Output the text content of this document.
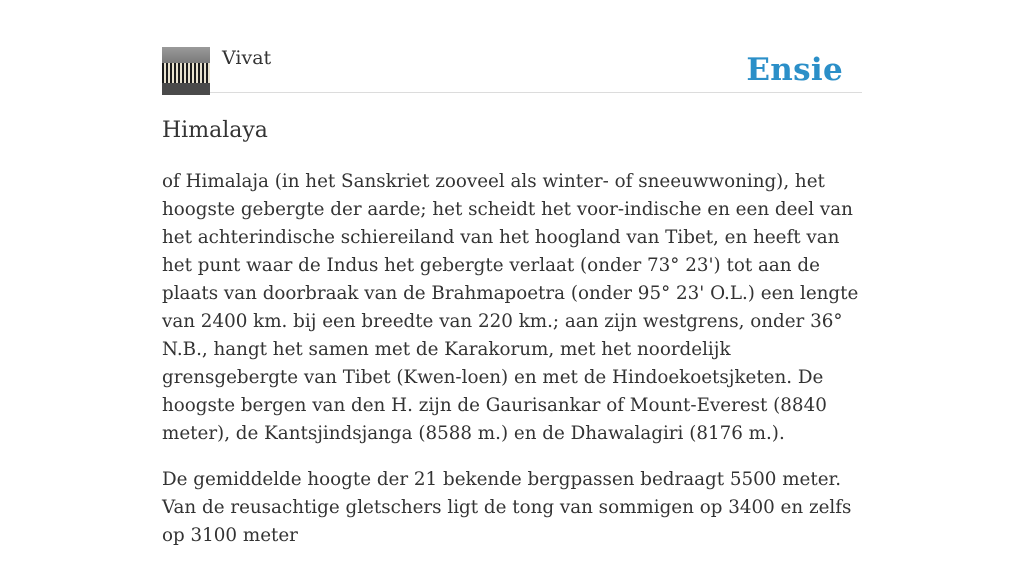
Vivat	Ensie
Himalaya

of Himalaja (in het Sanskriet zooveel als winter- of sneeuwwoning), het hoogste gebergte der aarde; het scheidt het voor-indische en een deel van het achterindische schiereiland van het hoogland van Tibet, en heeft van het punt waar de Indus het gebergte verlaat (onder 73° 23') tot aan de plaats van doorbraak van de Brahmapoetra (onder 95° 23' O.L.) een lengte van 2400 km. bij een breedte van 220 km.; aan zijn westgrens, onder 36° N.B., hangt het samen met de Karakorum, met het noordelijk grensgebergte van Tibet (Kwen-loen) en met de Hindoekoetsjketen. De hoogste bergen van den H. zijn de Gaurisankar of Mount-Everest (8840 meter), de Kantsjindsjanga (8588 m.) en de Dhawalagiri (8176 m.).

De gemiddelde hoogte der 21 bekende bergpassen bedraagt 5500 meter. Van de reusachtige gletschers ligt de tong van sommigen op 3400 en zelfs op 3100 meter
